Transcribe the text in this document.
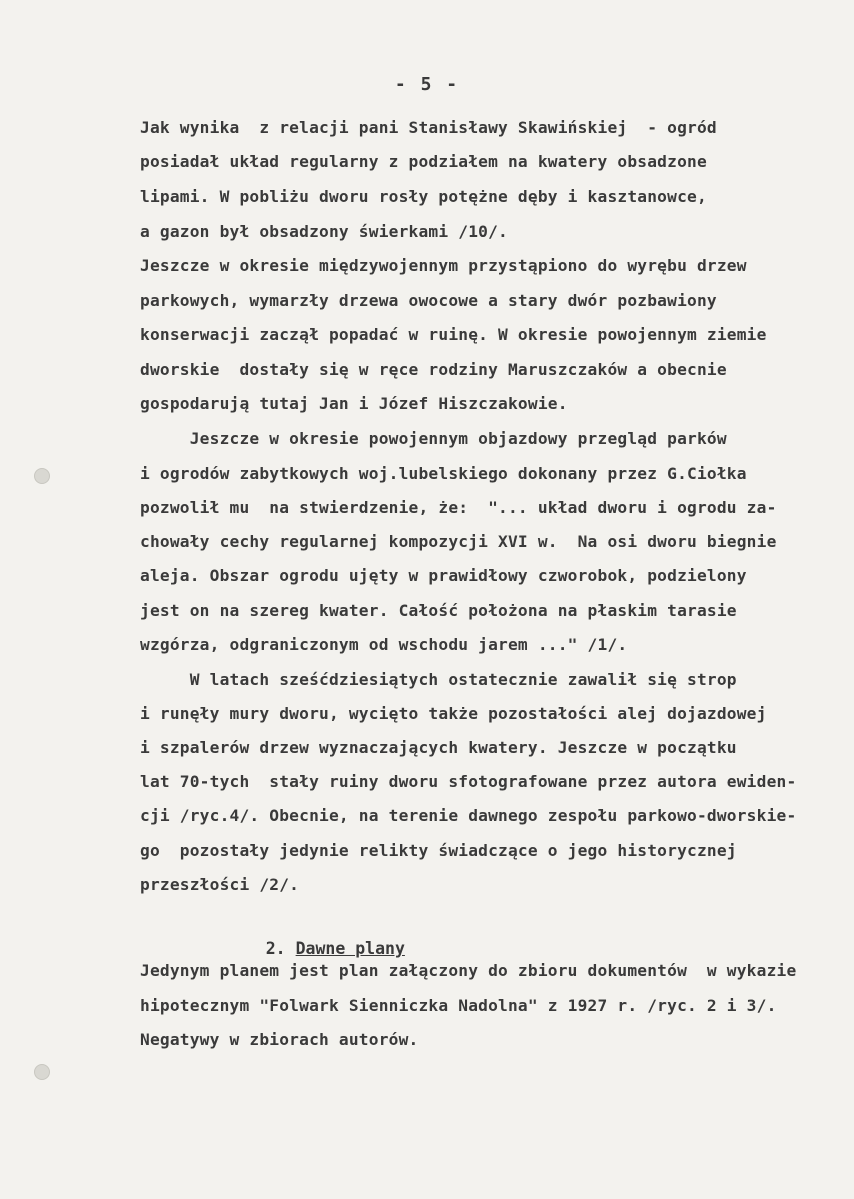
- 5 -
Jak wynika  z relacji pani Stanisławy Skawińskiej  - ogród
posiadał układ regularny z podziałem na kwatery obsadzone
lipami. W pobliżu dworu rosły potężne dęby i kasztanowce,
a gazon był obsadzony świerkami /10/.
Jeszcze w okresie międzywojennym przystąpiono do wyrębu drzew
parkowych, wymarzły drzewa owocowe a stary dwór pozbawiony
konserwacji zaczął popadać w ruinę. W okresie powojennym ziemie
dworskie  dostały się w ręce rodziny Maruszczaków a obecnie
gospodarują tutaj Jan i Józef Hiszczakowie.
Jeszcze w okresie powojennym objazdowy przegląd parków
i ogrodów zabytkowych woj.lubelskiego dokonany przez G.Ciołka
pozwolił mu  na stwierdzenie, że:  "... układ dworu i ogrodu za-
chowały cechy regularnej kompozycji XVI w.  Na osi dworu biegnie
aleja. Obszar ogrodu ujęty w prawidłowy czworobok, podzielony
jest on na szereg kwater. Całość położona na płaskim tarasie
wzgórza, odgraniczonym od wschodu jarem ..." /1/.
W latach sześćdziesiątych ostatecznie zawalił się strop
i runęły mury dworu, wycięto także pozostałości alej dojazdowej
i szpalerów drzew wyznaczających kwatery. Jeszcze w początku
lat 70-tych  stały ruiny dworu sfotografowane przez autora ewiden-
cji /ryc.4/. Obecnie, na terenie dawnego zespołu parkowo-dworskie-
go  pozostały jedynie relikty świadczące o jego historycznej
przeszłości /2/.

2. Dawne plany

Jedynym planem jest plan załączony do zbioru dokumentów  w wykazie
hipotecznym "Folwark Sienniczka Nadolna" z 1927 r. /ryc. 2 i 3/.
Negatywy w zbiorach autorów.
